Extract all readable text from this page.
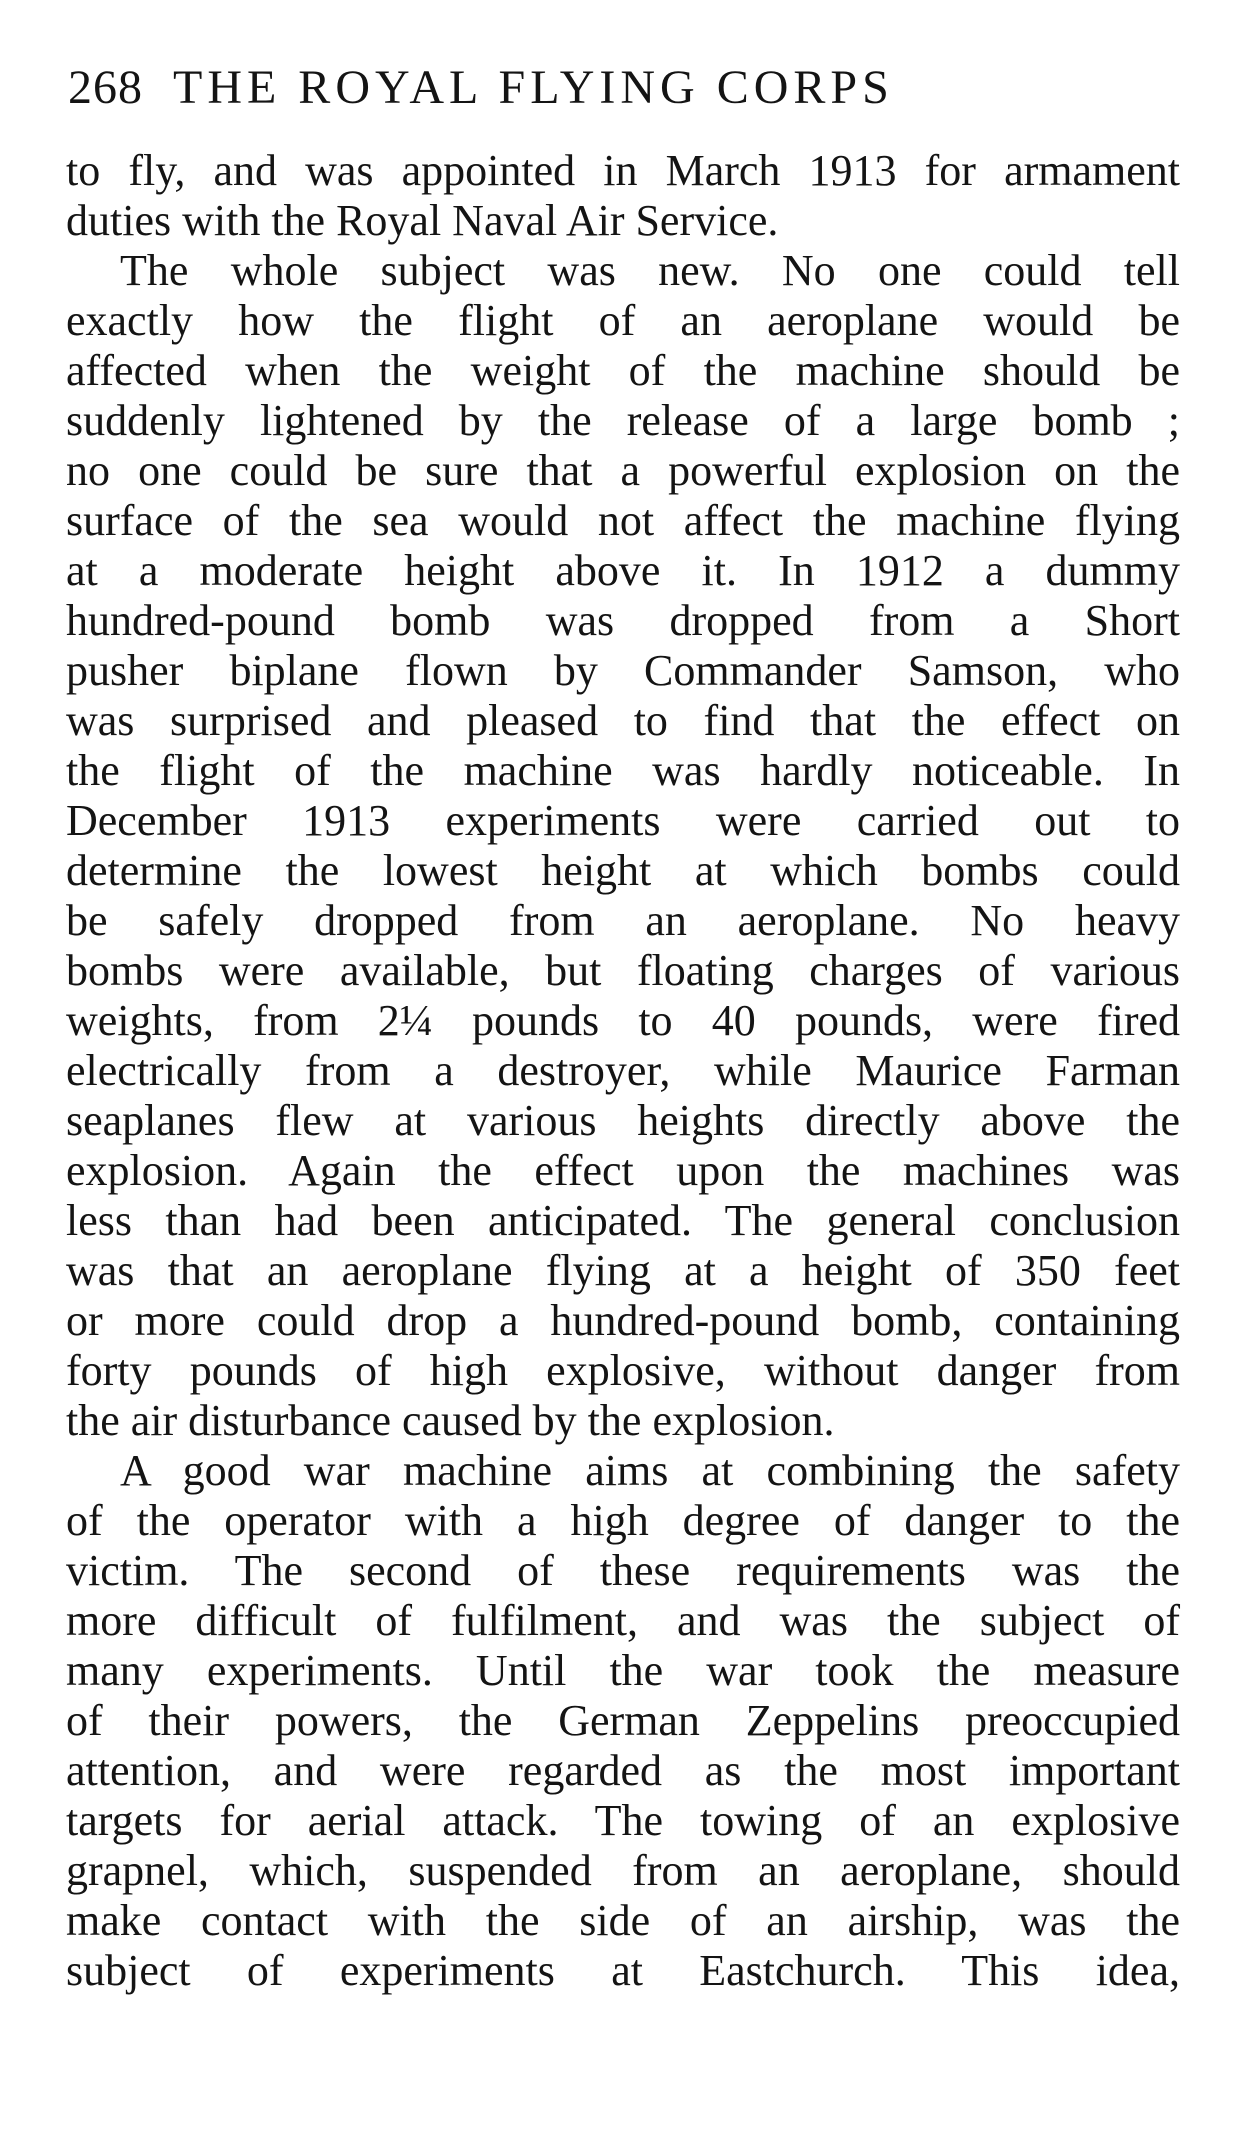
268 THE ROYAL FLYING CORPS
to fly, and was appointed in March 1913 for armament
duties with the Royal Naval Air Service.
The whole subject was new. No one could tell
exactly how the flight of an aeroplane would be
affected when the weight of the machine should be
suddenly lightened by the release of a large bomb ;
no one could be sure that a powerful explosion on the
surface of the sea would not affect the machine flying
at a moderate height above it. In 1912 a dummy
hundred-pound bomb was dropped from a Short
pusher biplane flown by Commander Samson, who
was surprised and pleased to find that the effect on
the flight of the machine was hardly noticeable. In
December 1913 experiments were carried out to
determine the lowest height at which bombs could
be safely dropped from an aeroplane. No heavy
bombs were available, but floating charges of various
weights, from 2¼ pounds to 40 pounds, were fired
electrically from a destroyer, while Maurice Farman
seaplanes flew at various heights directly above the
explosion. Again the effect upon the machines was
less than had been anticipated. The general conclusion
was that an aeroplane flying at a height of 350 feet
or more could drop a hundred-pound bomb, containing
forty pounds of high explosive, without danger from
the air disturbance caused by the explosion.
A good war machine aims at combining the safety
of the operator with a high degree of danger to the
victim. The second of these requirements was the
more difficult of fulfilment, and was the subject of
many experiments. Until the war took the measure
of their powers, the German Zeppelins preoccupied
attention, and were regarded as the most important
targets for aerial attack. The towing of an explosive
grapnel, which, suspended from an aeroplane, should
make contact with the side of an airship, was the
subject of experiments at Eastchurch. This idea,
